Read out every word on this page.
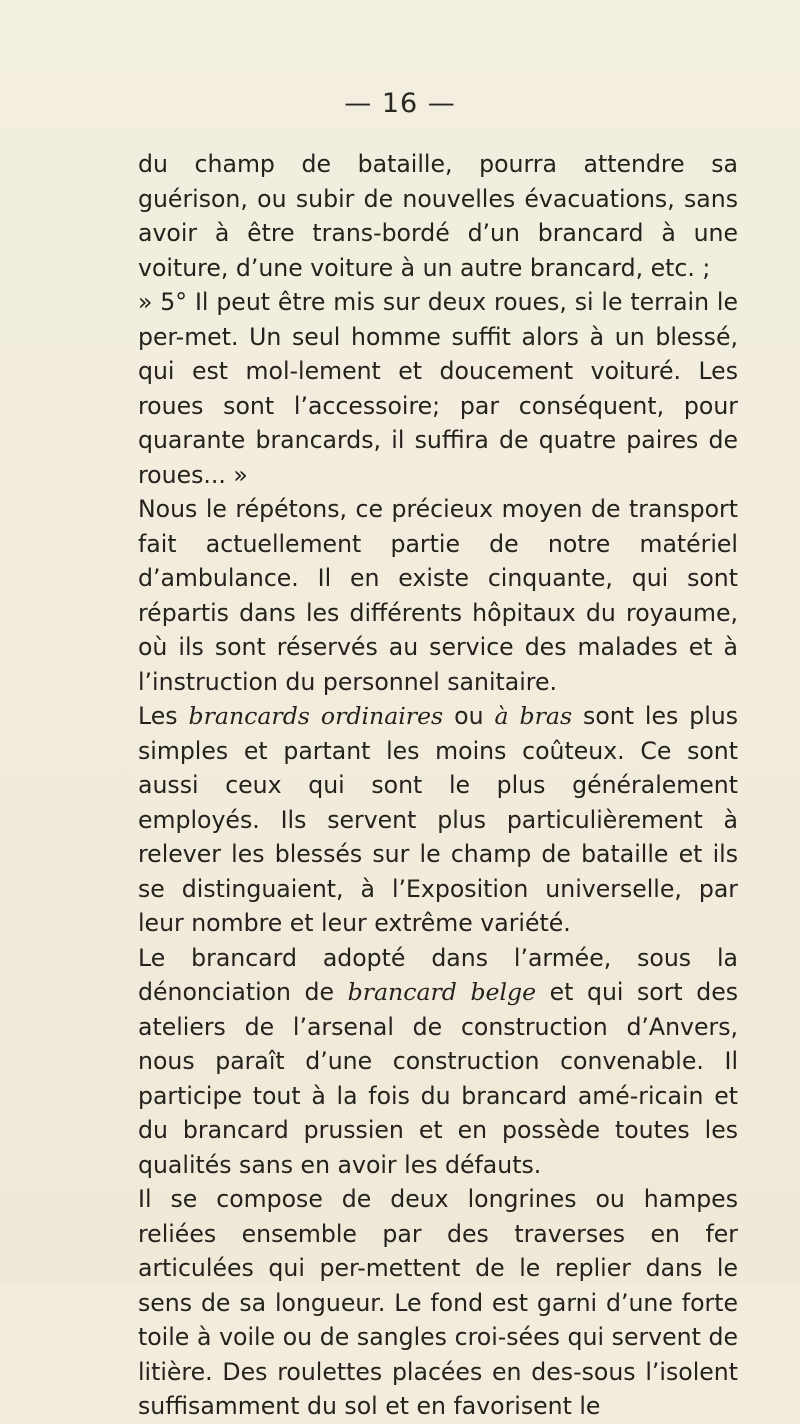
— 16 —

du champ de bataille, pourra attendre sa guérison, ou subir de nouvelles évacuations, sans avoir à être trans-bordé d’un brancard à une voiture, d’une voiture à un autre brancard, etc. ;

» 5° Il peut être mis sur deux roues, si le terrain le per-met. Un seul homme suffit alors à un blessé, qui est mol-lement et doucement voituré. Les roues sont l’accessoire; par conséquent, pour quarante brancards, il suffira de quatre paires de roues... »

Nous le répétons, ce précieux moyen de transport fait actuellement partie de notre matériel d’ambulance. Il en existe cinquante, qui sont répartis dans les différents hôpitaux du royaume, où ils sont réservés au service des malades et à l’instruction du personnel sanitaire.

Les brancards ordinaires ou à bras sont les plus simples et partant les moins coûteux. Ce sont aussi ceux qui sont le plus généralement employés. Ils servent plus particulièrement à relever les blessés sur le champ de bataille et ils se distinguaient, à l’Exposition universelle, par leur nombre et leur extrême variété.

Le brancard adopté dans l’armée, sous la dénonciation de brancard belge et qui sort des ateliers de l’arsenal de construction d’Anvers, nous paraît d’une construction convenable. Il participe tout à la fois du brancard amé-ricain et du brancard prussien et en possède toutes les qualités sans en avoir les défauts.

Il se compose de deux longrines ou hampes reliées ensemble par des traverses en fer articulées qui per-mettent de le replier dans le sens de sa longueur. Le fond est garni d’une forte toile à voile ou de sangles croi-sées qui servent de litière. Des roulettes placées en des-sous l’isolent suffisamment du sol et en favorisent le
